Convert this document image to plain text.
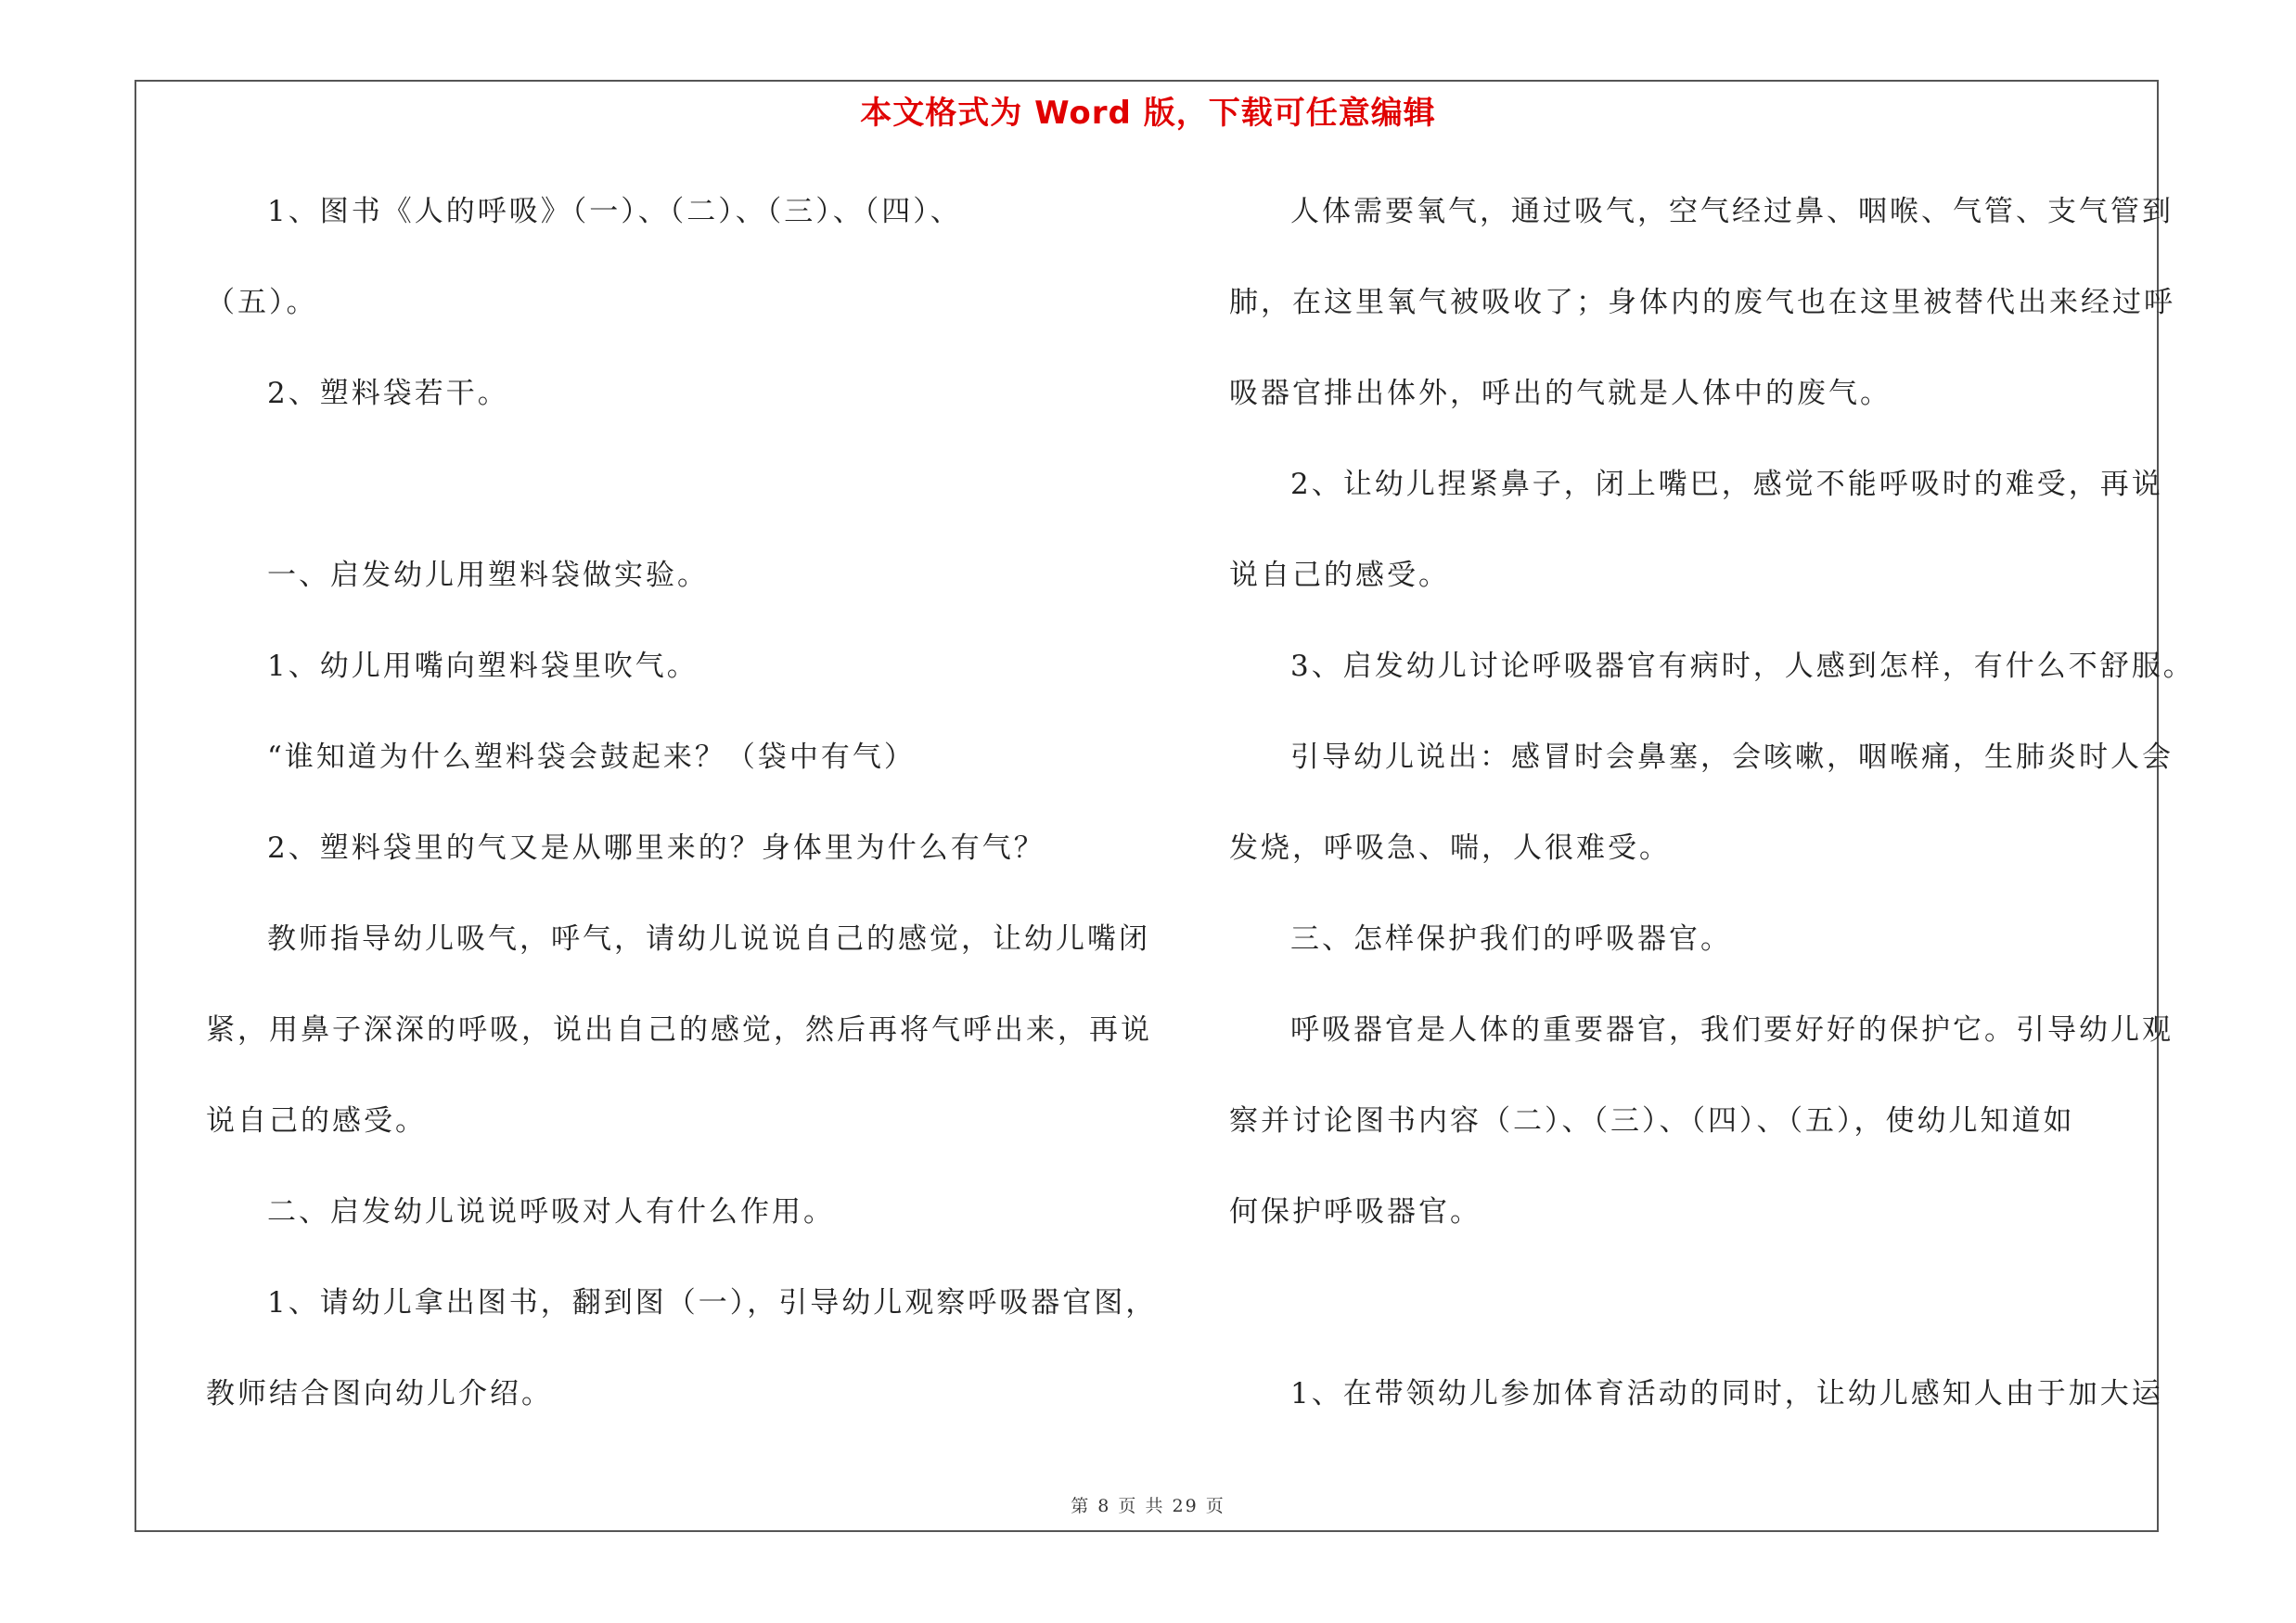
本文格式为 Word 版，下载可任意编辑
1、图书《人的呼吸》（一）、（二）、（三）、（四）、
（五）。
2、塑料袋若干。
一、启发幼儿用塑料袋做实验。
1、幼儿用嘴向塑料袋里吹气。
“谁知道为什么塑料袋会鼓起来？（袋中有气）
2、塑料袋里的气又是从哪里来的？身体里为什么有气？
教师指导幼儿吸气，呼气，请幼儿说说自己的感觉，让幼儿嘴闭
紧，用鼻子深深的呼吸，说出自己的感觉，然后再将气呼出来，再说
说自己的感受。
二、启发幼儿说说呼吸对人有什么作用。
1、请幼儿拿出图书，翻到图（一），引导幼儿观察呼吸器官图，
教师结合图向幼儿介绍。
人体需要氧气，通过吸气，空气经过鼻、咽喉、气管、支气管到
肺，在这里氧气被吸收了；身体内的废气也在这里被替代出来经过呼
吸器官排出体外，呼出的气就是人体中的废气。
2、让幼儿捏紧鼻子，闭上嘴巴，感觉不能呼吸时的难受，再说
说自己的感受。
3、启发幼儿讨论呼吸器官有病时，人感到怎样，有什么不舒服。
引导幼儿说出：感冒时会鼻塞，会咳嗽，咽喉痛，生肺炎时人会
发烧，呼吸急、喘，人很难受。
三、怎样保护我们的呼吸器官。
呼吸器官是人体的重要器官，我们要好好的保护它。引导幼儿观
察并讨论图书内容（二）、（三）、（四）、（五），使幼儿知道如
何保护呼吸器官。
1、在带领幼儿参加体育活动的同时，让幼儿感知人由于加大运
第 8 页 共 29 页
